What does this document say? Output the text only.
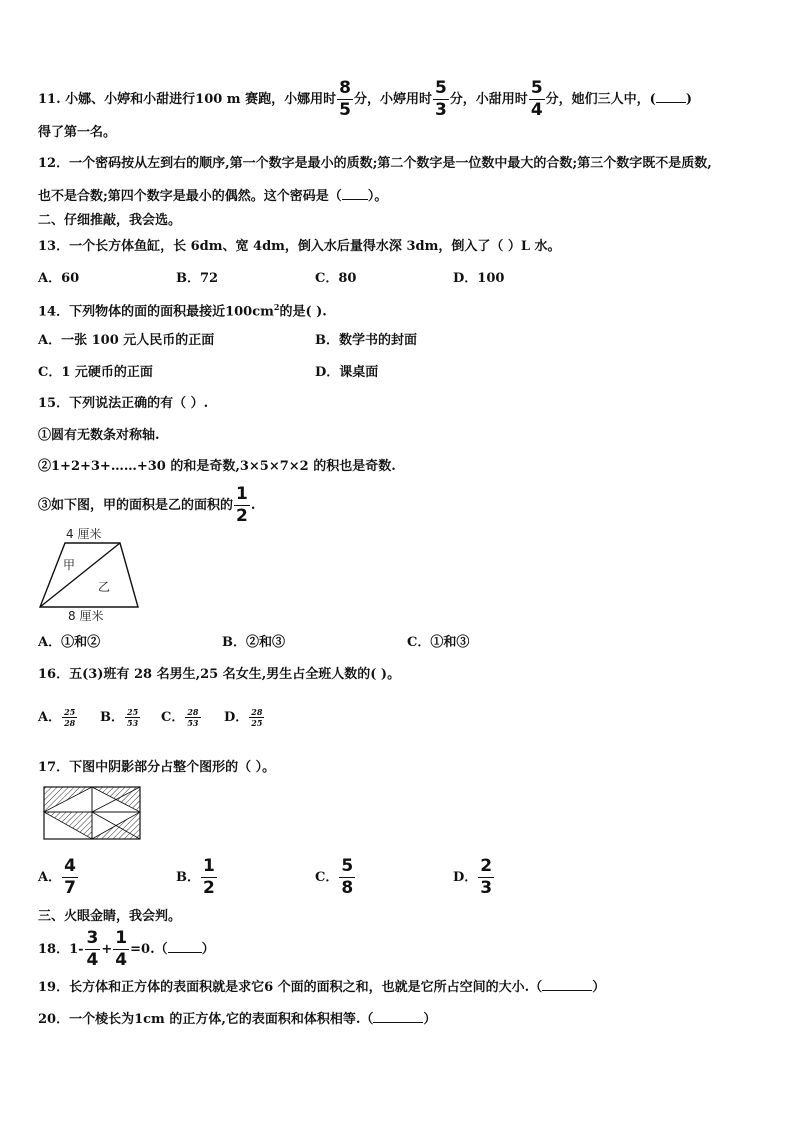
11. 小娜、小婷和小甜进行100 m 赛跑，小娜用时 $\frac{8}{5}$ 分，小婷用时 $\frac{5}{3}$ 分，小甜用时 $\frac{5}{4}$ 分，她们三人中，( )
得了第一名。
12．一个密码按从左到右的顺序,第一个数字是最小的质数;第二个数字是一位数中最大的合数;第三个数字既不是质数,
也不是合数;第四个数字是最小的偶然。这个密码是（ ）。
二、仔细推敲，我会选。
13．一个长方体鱼缸，长 6dm、宽 4dm，倒入水后量得水深 3dm，倒入了（ ）L 水。
A．60	B．72	C．80	D．100
14．下列物体的面的面积最接近$100cm^2$的是( ).
A．一张 100 元人民币的正面	B．数学书的封面
C．1 元硬币的正面	D．课桌面
15．下列说法正确的有（ ）.
①圆有无数条对称轴.
②1+2+3+……+30 的和是奇数,3×5×7×2 的积也是奇数.
③如下图，甲的面积是乙的面积的 $\frac{1}{2}$ .
4 厘米
8 厘米
甲
乙
A．①和②	B．②和③	C．①和③
16．五(3)班有 28 名男生,25 名女生,男生占全班人数的( )。
A． $\frac{25}{28}$ B． $\frac{25}{53}$ C． $\frac{28}{53}$ D． $\frac{28}{25}$
17．下图中阴影部分占整个图形的（ ）。
A． $\frac{4}{7}$	B． $\frac{1}{2}$	C． $\frac{5}{8}$	D． $\frac{2}{3}$
三、火眼金睛，我会判。
18．$1- \frac{3}{4} + \frac{1}{4} =0$.（	）
19．长方体和正方体的表面积就是求它6 个面的面积之和，也就是它所占空间的大小.（	）
20．一个棱长为1cm 的正方体,它的表面积和体积相等.（	）
